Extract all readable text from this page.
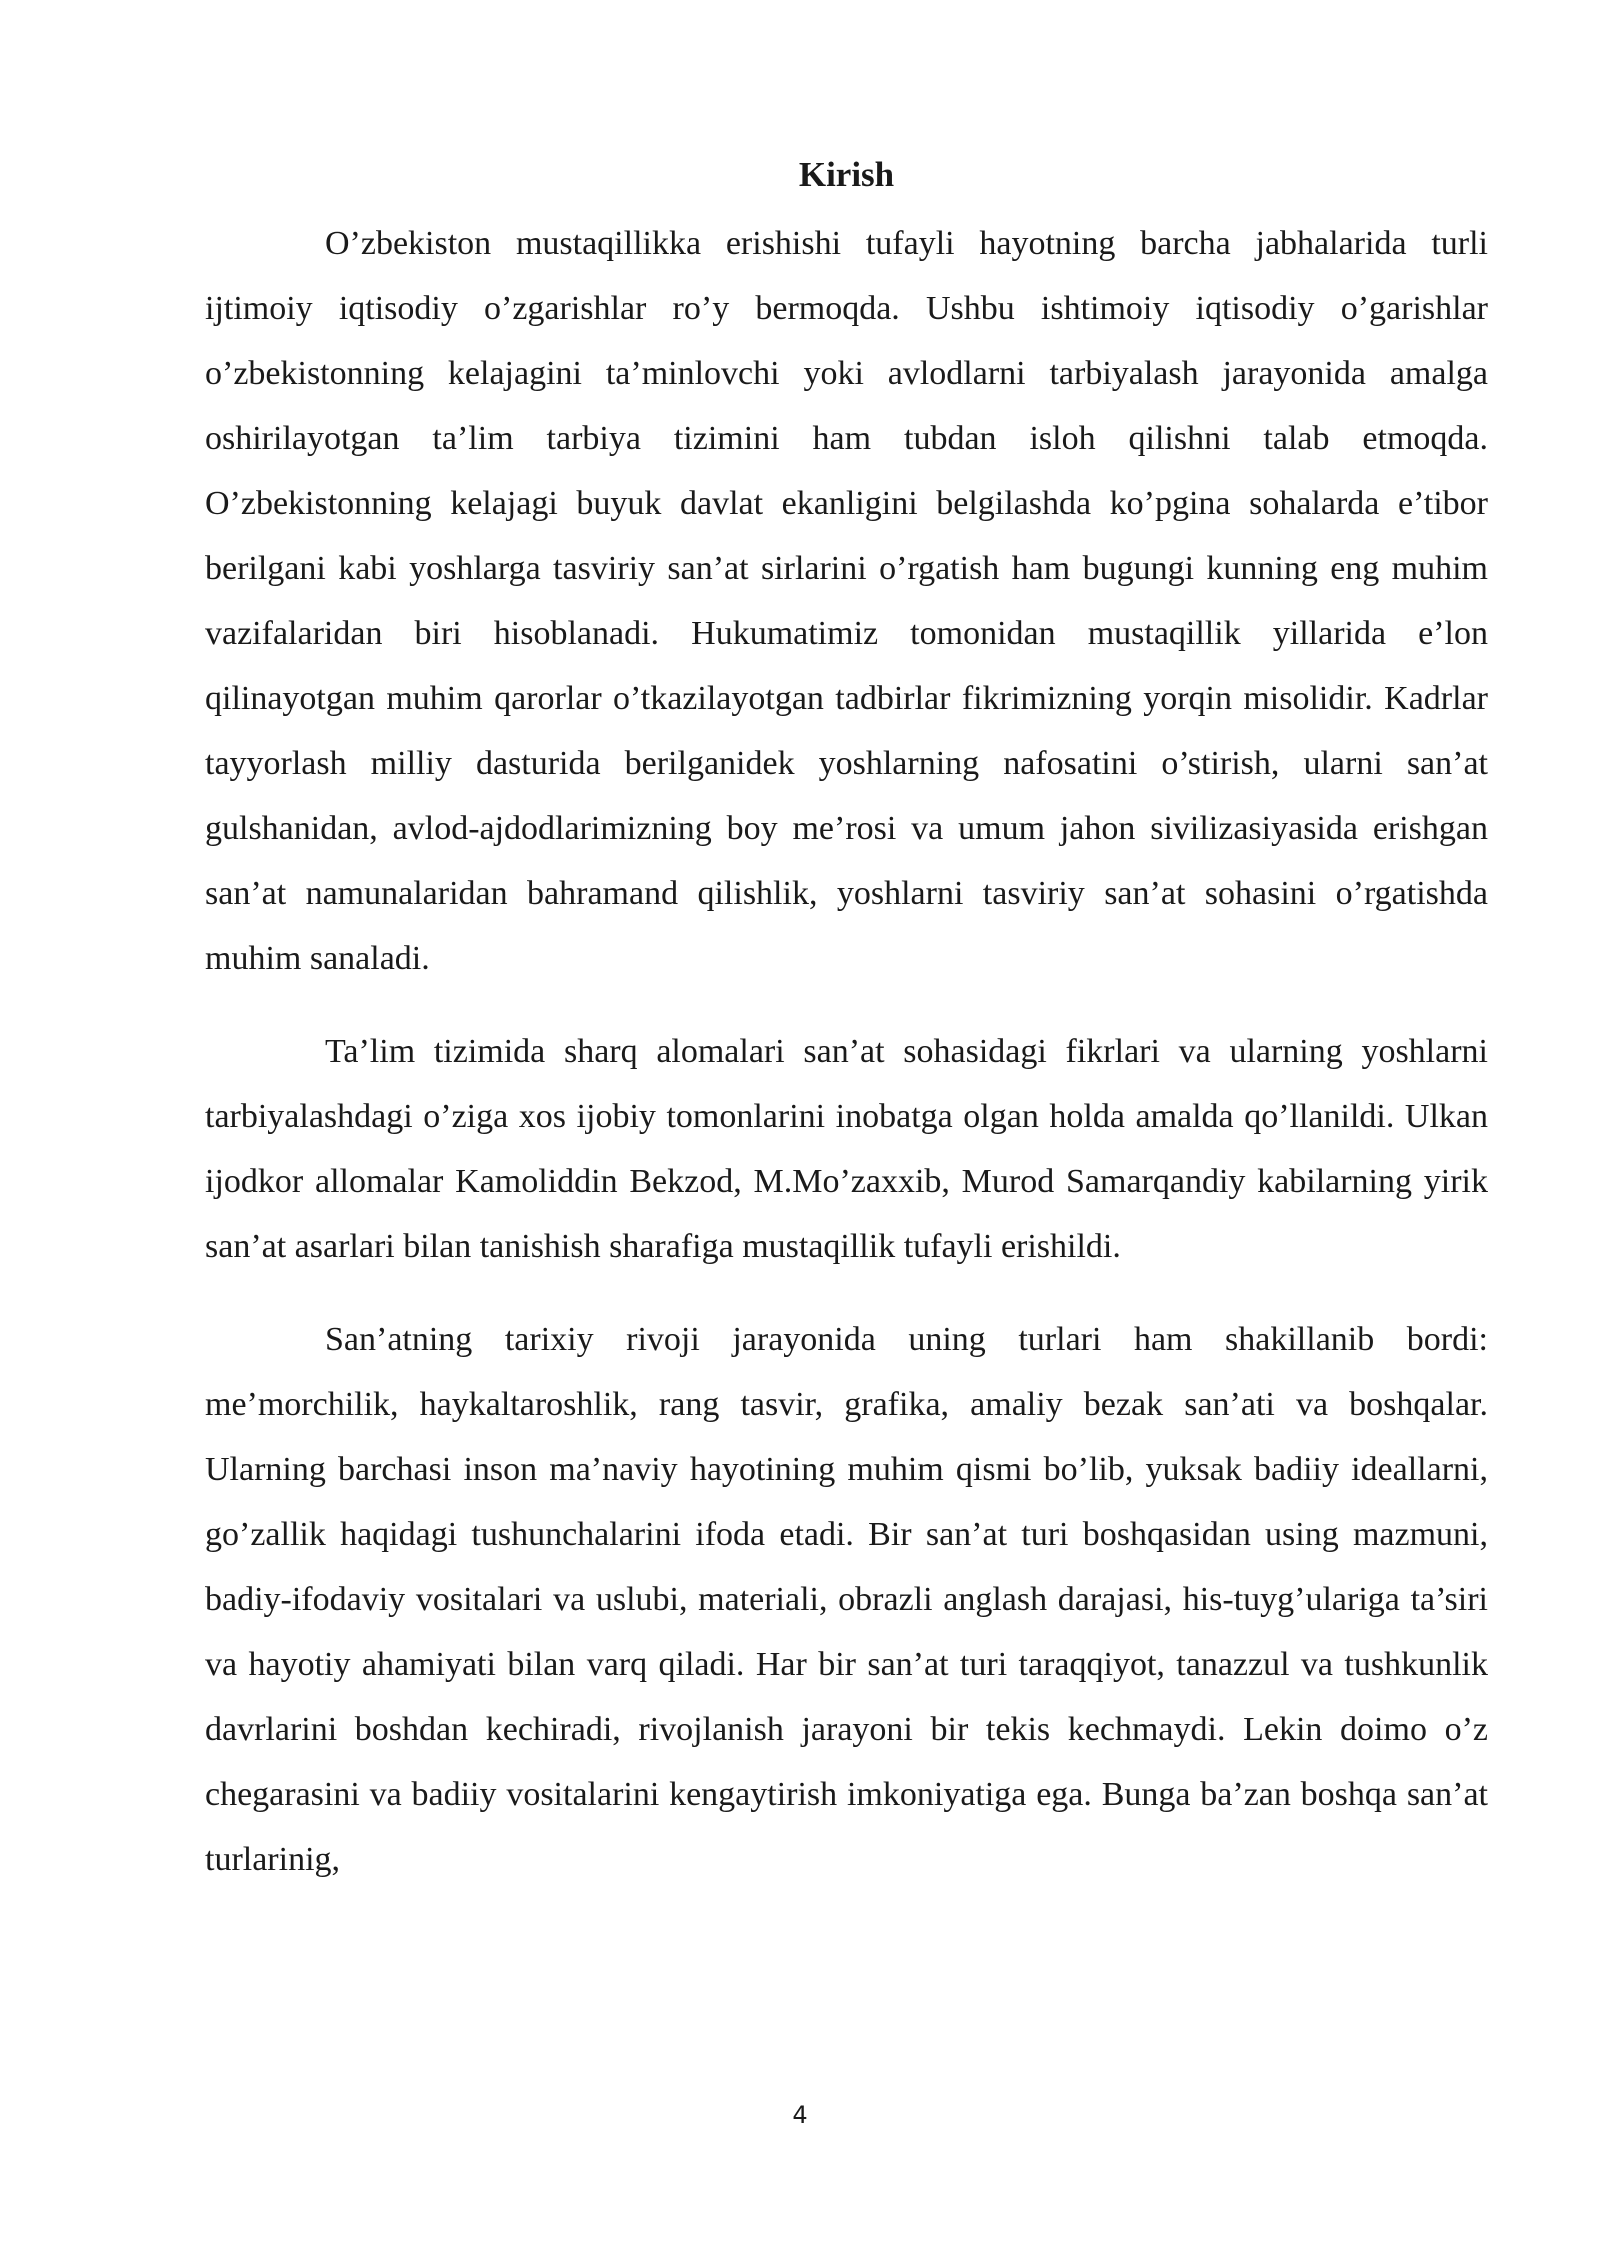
Kirish

O’zbekiston mustaqillikka erishishi tufayli hayotning barcha jabhalarida turli ijtimoiy iqtisodiy o’zgarishlar ro’y bermoqda. Ushbu ishtimoiy iqtisodiy o’garishlar o’zbekistonning kelajagini ta’minlovchi yoki avlodlarni tarbiyalash jarayonida amalga oshirilayotgan ta’lim tarbiya tizimini ham tubdan isloh qilishni talab etmoqda. O’zbekistonning kelajagi buyuk davlat ekanligini belgilashda ko’pgina sohalarda e’tibor berilgani kabi yoshlarga tasviriy san’at sirlarini o’rgatish ham bugungi kunning eng muhim vazifalaridan biri hisoblanadi. Hukumatimiz tomonidan mustaqillik yillarida e’lon qilinayotgan muhim qarorlar o’tkazilayotgan tadbirlar fikrimizning yorqin misolidir. Kadrlar tayyorlash milliy dasturida berilganidek yoshlarning nafosatini o’stirish, ularni san’at gulshanidan, avlod-ajdodlarimizning boy me’rosi va umum jahon sivilizasiyasida erishgan san’at namunalaridan bahramand qilishlik, yoshlarni tasviriy san’at sohasini o’rgatishda muhim sanaladi.

Ta’lim tizimida sharq alomalari san’at sohasidagi fikrlari va ularning yoshlarni tarbiyalashdagi o’ziga xos ijobiy tomonlarini inobatga olgan holda amalda qo’llanildi. Ulkan ijodkor allomalar Kamoliddin Bekzod, M.Mo’zaxxib, Murod Samarqandiy kabilarning yirik san’at asarlari bilan tanishish sharafiga mustaqillik tufayli erishildi.

San’atning tarixiy rivoji jarayonida uning turlari ham shakillanib bordi: me’morchilik, haykaltaroshlik, rang tasvir, grafika, amaliy bezak san’ati va boshqalar. Ularning barchasi inson ma’naviy hayotining muhim qismi bo’lib, yuksak badiiy ideallarni, go’zallik haqidagi tushunchalarini ifoda etadi. Bir san’at turi boshqasidan using mazmuni, badiy-ifodaviy vositalari va uslubi, materiali, obrazli anglash darajasi, his-tuyg’ulariga ta’siri va hayotiy ahamiyati bilan varq qiladi. Har bir san’at turi taraqqiyot, tanazzul va tushkunlik davrlarini boshdan kechiradi, rivojlanish jarayoni bir tekis kechmaydi. Lekin doimo o’z chegarasini va badiiy vositalarini kengaytirish imkoniyatiga ega. Bunga ba’zan boshqa san’at turlarinig,

4
